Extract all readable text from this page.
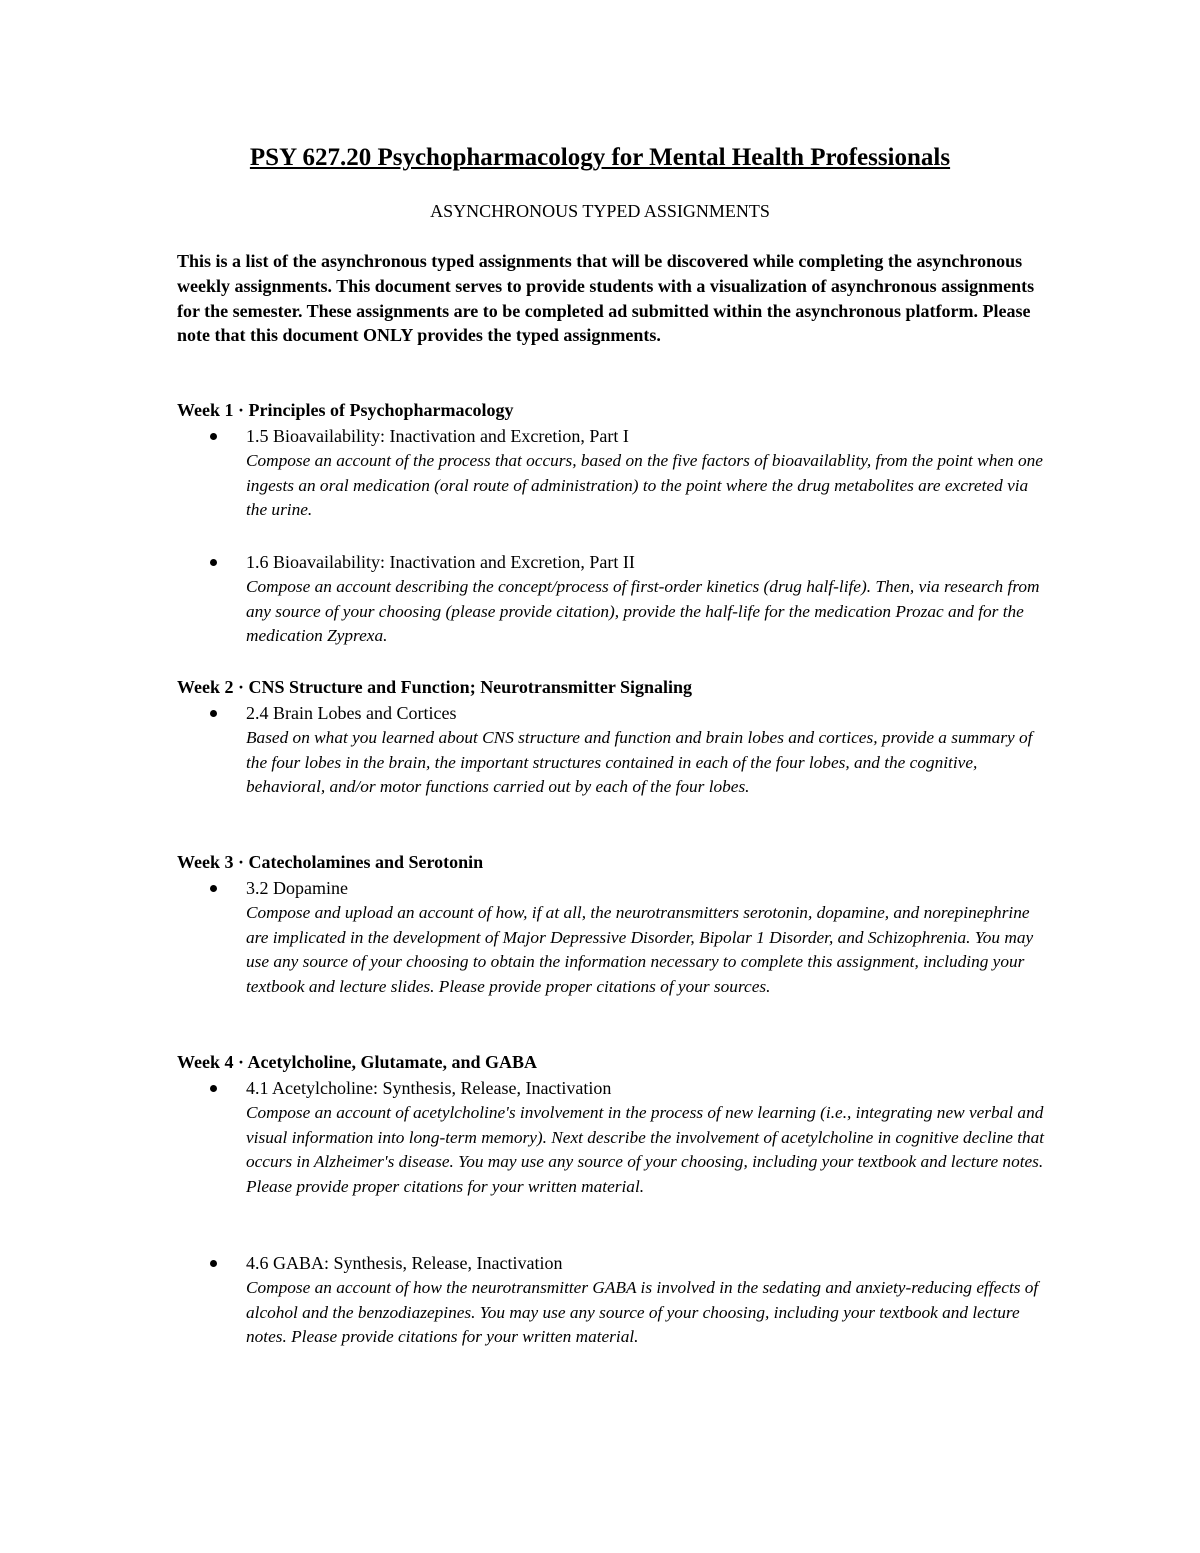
PSY 627.20 Psychopharmacology for Mental Health Professionals

ASYNCHRONOUS TYPED ASSIGNMENTS

This is a list of the asynchronous typed assignments that will be discovered while completing the asynchronous weekly assignments. This document serves to provide students with a visualization of asynchronous assignments for the semester. These assignments are to be completed ad submitted within the asynchronous platform. Please note that this document ONLY provides the typed assignments.

Week 1 · Principles of Psychopharmacology

1.5 Bioavailability: Inactivation and Excretion, Part I

Compose an account of the process that occurs, based on the five factors of bioavailablity, from the point when one ingests an oral medication (oral route of administration) to the point where the drug metabolites are excreted via the urine.

1.6 Bioavailability: Inactivation and Excretion, Part II

Compose an account describing the concept/process of first-order kinetics (drug half-life). Then, via research from any source of your choosing (please provide citation), provide the half-life for the medication Prozac and for the medication Zyprexa.

Week 2 · CNS Structure and Function; Neurotransmitter Signaling

2.4 Brain Lobes and Cortices

Based on what you learned about CNS structure and function and brain lobes and cortices, provide a summary of the four lobes in the brain, the important structures contained in each of the four lobes, and the cognitive, behavioral, and/or motor functions carried out by each of the four lobes.

Week 3 · Catecholamines and Serotonin

3.2 Dopamine

Compose and upload an account of how, if at all, the neurotransmitters serotonin, dopamine, and norepinephrine are implicated in the development of Major Depressive Disorder, Bipolar 1 Disorder, and Schizophrenia. You may use any source of your choosing to obtain the information necessary to complete this assignment, including your textbook and lecture slides. Please provide proper citations of your sources.

Week 4 · Acetylcholine, Glutamate, and GABA

4.1 Acetylcholine: Synthesis, Release, Inactivation

Compose an account of acetylcholine's involvement in the process of new learning (i.e., integrating new verbal and visual information into long-term memory). Next describe the involvement of acetylcholine in cognitive decline that occurs in Alzheimer's disease. You may use any source of your choosing, including your textbook and lecture notes. Please provide proper citations for your written material.

4.6 GABA: Synthesis, Release, Inactivation

Compose an account of how the neurotransmitter GABA is involved in the sedating and anxiety-reducing effects of alcohol and the benzodiazepines. You may use any source of your choosing, including your textbook and lecture notes. Please provide citations for your written material.
